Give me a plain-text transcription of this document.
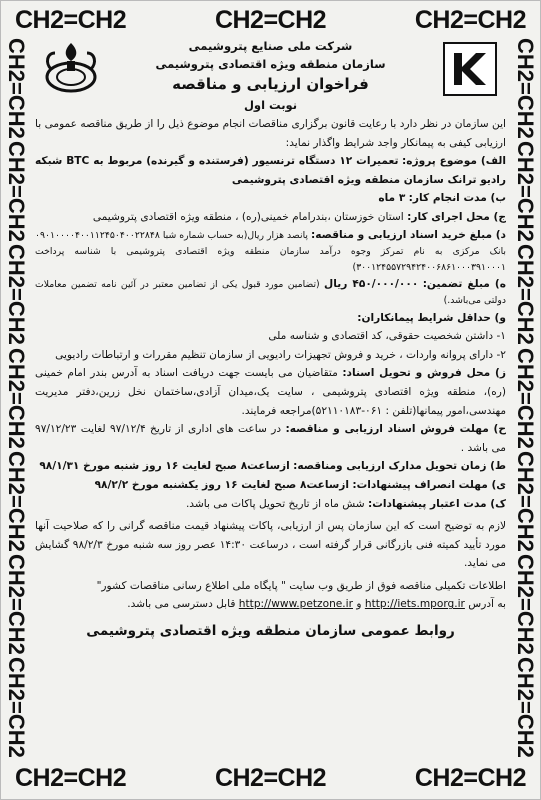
CH2=CH2	CH2=CH2	CH2=CH2
CH2=CH2	CH2=CH2	CH2=CH2
CH2=CH2
CH2=CH2
CH2=CH2
CH2=CH2
CH2=CH2
CH2=CH2
CH2=CH2
CH2=CH2
CH2=CH2
CH2=CH2
CH2=CH2
CH2=CH2
CH2=CH2
CH2=CH2
شرکت ملی صنایع پتروشیمی
سازمان منطقه ویژه اقتصادی پتروشیمی
فراخوان ارزیابی و مناقصه
نوبت اول

این سازمان در نظر دارد با رعایت قانون برگزاری مناقصات انجام موضوع ذیل را از طریق مناقصه عمومی با ارزیابی کیفی به پیمانکار واجد شرایط واگذار نماید:

الف) موضوع پروژه: تعمیرات ۱۲ دستگاه ترنسیور (فرستنده و گیرنده) مربوط به BTC شبکه رادیو ترانک سازمان منطقه ویژه اقتصادی پتروشیمی

ب) مدت انجام کار: ۳ ماه

ج) محل اجرای کار: استان خوزستان ،بندرامام خمینی(ره) ، منطقه ویژه اقتصادی پتروشیمی

د) مبلغ خرید اسناد ارزیابی و مناقصه: پانصد هزار ریال(به حساب شماره شبا ۰۹۰۱۰۰۰۰۴۰۰۱۱۲۴۵۰۴۰۰۲۲۸۴۸ بانک مرکزی به نام تمرکز وجوه درآمد سازمان منطقه ویژه اقتصادی پتروشیمی با شناسه پرداخت ۳۰۰۱۲۴۵۵۷۲۹۴۲۴۰۰۶۸۶۱۰۰۰۳۹۱۰۰۰۱)

ه) مبلغ تضمین: ۴۵۰/۰۰۰/۰۰۰ ریال (تضامین مورد قبول یکی از تضامین معتبر در آئین نامه تضمین معاملات دولتی می‌باشد.)

و) حداقل شرایط پیمانکاران:

۱- داشتن شخصیت حقوقی، کد اقتصادی و شناسه ملی

۲- دارای پروانه واردات ، خرید و فروش تجهیزات رادیویی از سازمان تنظیم مقررات و ارتباطات رادیویی

ز) محل فروش و تحویل اسناد: متقاضیان می بایست جهت دریافت اسناد به آدرس بندر امام خمینی (ره)، منطقه ویژه اقتصادی پتروشیمی ، سایت یک،میدان آزادی،ساختمان نخل زرین،دفتر مدیریت مهندسی،امور پیمانها(تلفن : ۰۶۱-۵۲۱۱۰۱۸۳)مراجعه فرمایند.

ح) مهلت فروش اسناد ارزیابی و مناقصه: در ساعت های اداری از تاریخ ۹۷/۱۲/۴ لغایت ۹۷/۱۲/۲۳ می باشد .

ط) زمان تحویل مدارک ارزیابی ومناقصه: ازساعت۸ صبح لغایت ۱۶ روز شنبه مورخ ۹۸/۱/۳۱

ی) مهلت انصراف پیشنهادات: ازساعت۸ صبح لغایت ۱۶ روز یکشنبه مورخ ۹۸/۲/۲

ک) مدت اعتبار پیشنهادات: شش ماه از تاریخ تحویل پاکات می باشد.

لازم به توضیح است که این سازمان پس از ارزیابی، پاکات پیشنهاد قیمت مناقصه گرانی را که صلاحیت آنها مورد تأیید کمیته فنی بازرگانی قرار گرفته است ، درساعت ۱۴:۳۰ عصر روز سه شنبه مورخ ۹۸/۲/۳ گشایش می نماید.

اطلاعات تکمیلی مناقصه فوق از طریق وب سایت " پایگاه ملی اطلاع رسانی مناقصات کشور"

به آدرس http://iets.mporg.ir و http://www.petzone.ir قابل دسترسی می باشد.

روابط عمومی سازمان منطقه ویژه اقتصادی پتروشیمی
